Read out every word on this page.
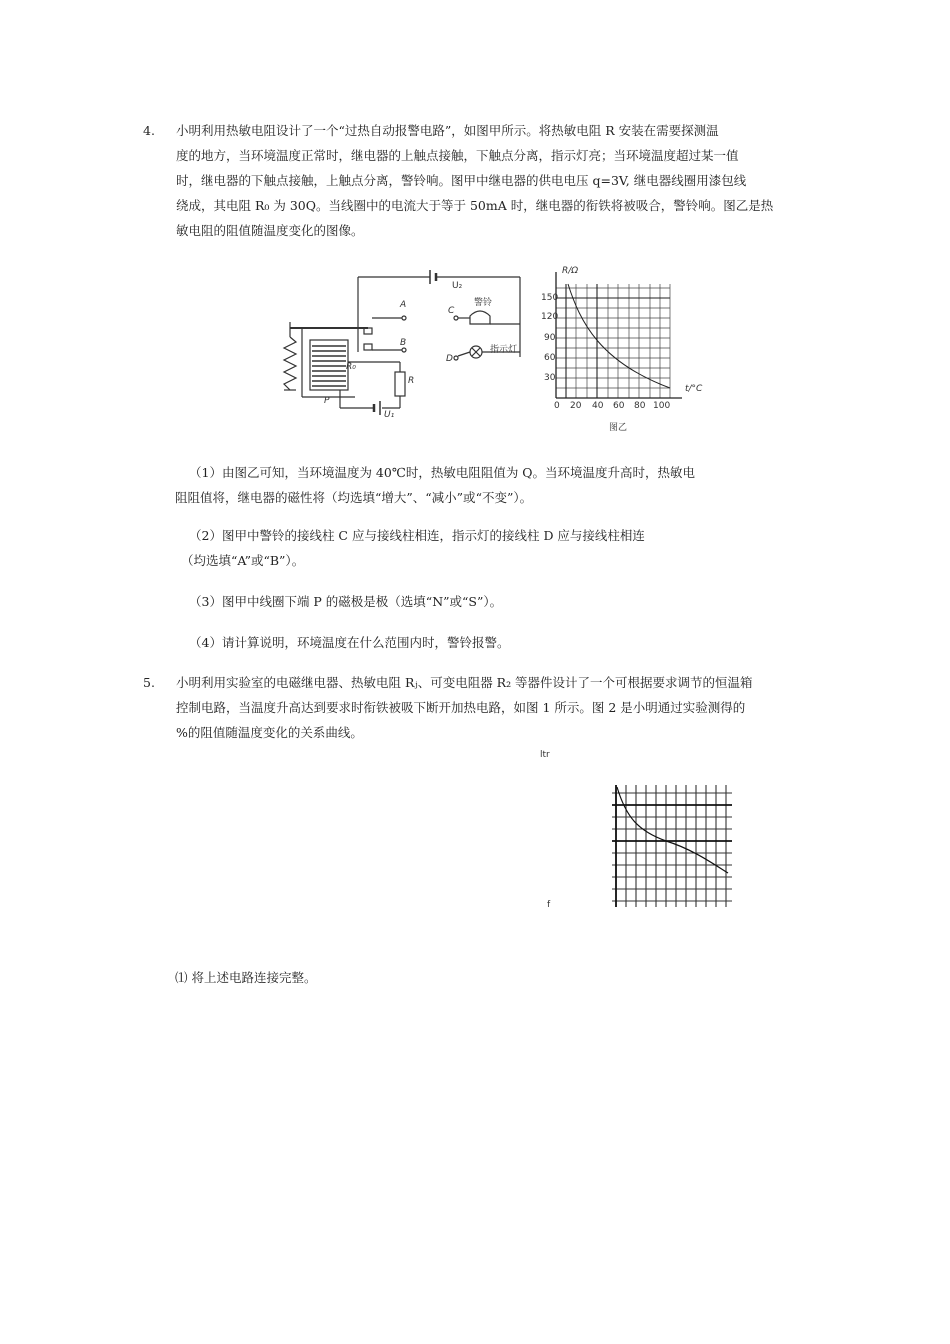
4. 小明利用热敏电阻设计了一个“过热自动报警电路”，如图甲所示。将热敏电阻 R 安装在需要探测温
度的地方，当环境温度正常时，继电器的上触点接触，下触点分离，指示灯亮；当环境温度超过某一值
时，继电器的下触点接触，上触点分离，警铃响。图甲中继电器的供电电压 q=3V, 继电器线圈用漆包线
绕成，其电阻 R₀ 为 30Q。当线圈中的电流大于等于 50mA 时，继电器的衔铁将被吸合，警铃响。图乙是热
敏电阻的阻值随温度变化的图像。
U₂
A
C
警铃
B
指示灯
D
R₀
R
P
U₁
R/Ω
150
120
90
60
30
0 20 40 60 80 100
t/°C
图乙
（1）由图乙可知，当环境温度为 40℃时，热敏电阻阻值为 Q。当环境温度升高时，热敏电
阻阻值将，继电器的磁性将（均选填“增大”、“减小”或“不变”）。
（2）图甲中警铃的接线柱 C 应与接线柱相连，指示灯的接线柱 D 应与接线柱相连
（均选填“A”或“B”）。
（3）图甲中线圈下端 P 的磁极是极（选填“N”或“S”）。
（4）请计算说明，环境温度在什么范围内时，警铃报警。
5. 小明利用实验室的电磁继电器、热敏电阻 Rⱼ、可变电阻器 R₂ 等器件设计了一个可根据要求调节的恒温箱
控制电路，当温度升高达到要求时衔铁被吸下断开加热电路，如图 1 所示。图 2 是小明通过实验测得的
%的阻值随温度变化的关系曲线。
ltr
f
⑴ 将上述电路连接完整。
